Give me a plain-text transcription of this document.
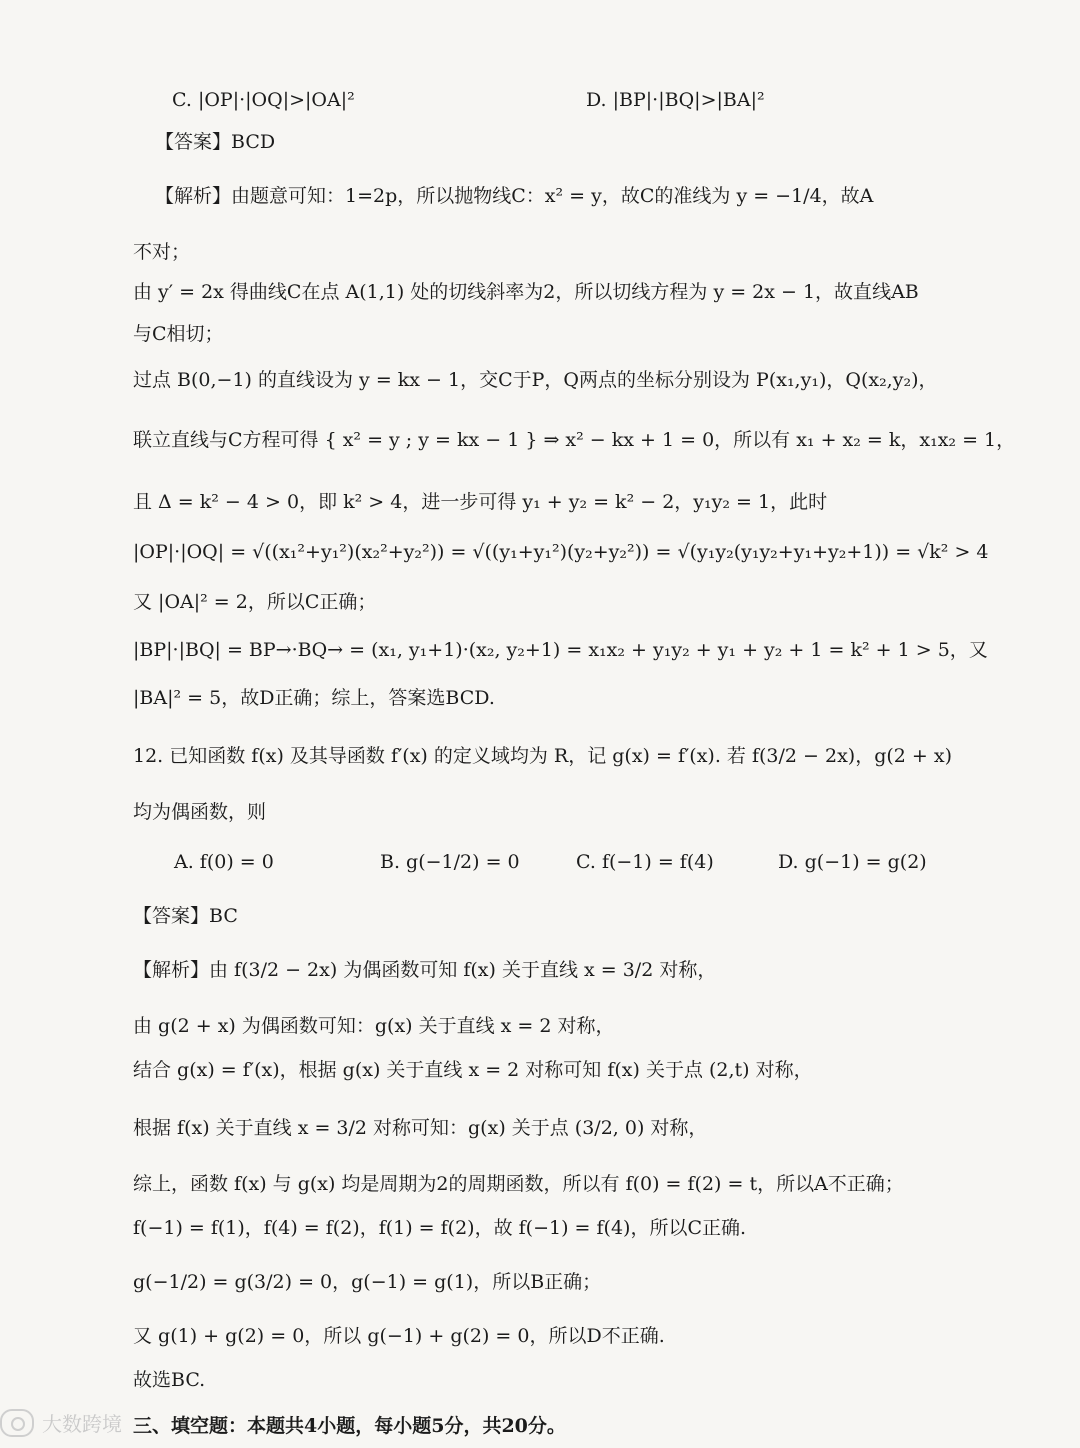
C. |OP|·|OQ|>|OA|²	D. |BP|·|BQ|>|BA|²
【答案】BCD
【解析】由题意可知：1=2p，所以抛物线C：x² = y，故C的准线为 y = −1/4，故A
不对；
由 y′ = 2x 得曲线C在点 A(1,1) 处的切线斜率为2，所以切线方程为 y = 2x − 1，故直线AB
与C相切；
过点 B(0,−1) 的直线设为 y = kx − 1，交C于P，Q两点的坐标分别设为 P(x₁,y₁)，Q(x₂,y₂)，
联立直线与C方程可得 { x² = y ; y = kx − 1 } ⇒ x² − kx + 1 = 0，所以有 x₁ + x₂ = k，x₁x₂ = 1，
且 Δ = k² − 4 > 0，即 k² > 4，进一步可得 y₁ + y₂ = k² − 2，y₁y₂ = 1，此时
|OP|·|OQ| = √((x₁²+y₁²)(x₂²+y₂²)) = √((y₁+y₁²)(y₂+y₂²)) = √(y₁y₂(y₁y₂+y₁+y₂+1)) = √k² > 4
又 |OA|² = 2，所以C正确；
|BP|·|BQ| = BP→·BQ→ = (x₁, y₁+1)·(x₂, y₂+1) = x₁x₂ + y₁y₂ + y₁ + y₂ + 1 = k² + 1 > 5，又
|BA|² = 5，故D正确；综上，答案选BCD.
12. 已知函数 f(x) 及其导函数 f′(x) 的定义域均为 R，记 g(x) = f′(x). 若 f(3/2 − 2x)，g(2 + x)
均为偶函数，则
A. f(0) = 0	B. g(−1/2) = 0	C. f(−1) = f(4)	D. g(−1) = g(2)
【答案】BC
【解析】由 f(3/2 − 2x) 为偶函数可知 f(x) 关于直线 x = 3/2 对称，
由 g(2 + x) 为偶函数可知：g(x) 关于直线 x = 2 对称，
结合 g(x) = f′(x)，根据 g(x) 关于直线 x = 2 对称可知 f(x) 关于点 (2,t) 对称，
根据 f(x) 关于直线 x = 3/2 对称可知：g(x) 关于点 (3/2, 0) 对称，
综上，函数 f(x) 与 g(x) 均是周期为2的周期函数，所以有 f(0) = f(2) = t，所以A不正确；
f(−1) = f(1)，f(4) = f(2)，f(1) = f(2)，故 f(−1) = f(4)，所以C正确.
g(−1/2) = g(3/2) = 0，g(−1) = g(1)，所以B正确；
又 g(1) + g(2) = 0，所以 g(−1) + g(2) = 0，所以D不正确.
故选BC.
三、填空题：本题共4小题，每小题5分，共20分。
大数跨境
